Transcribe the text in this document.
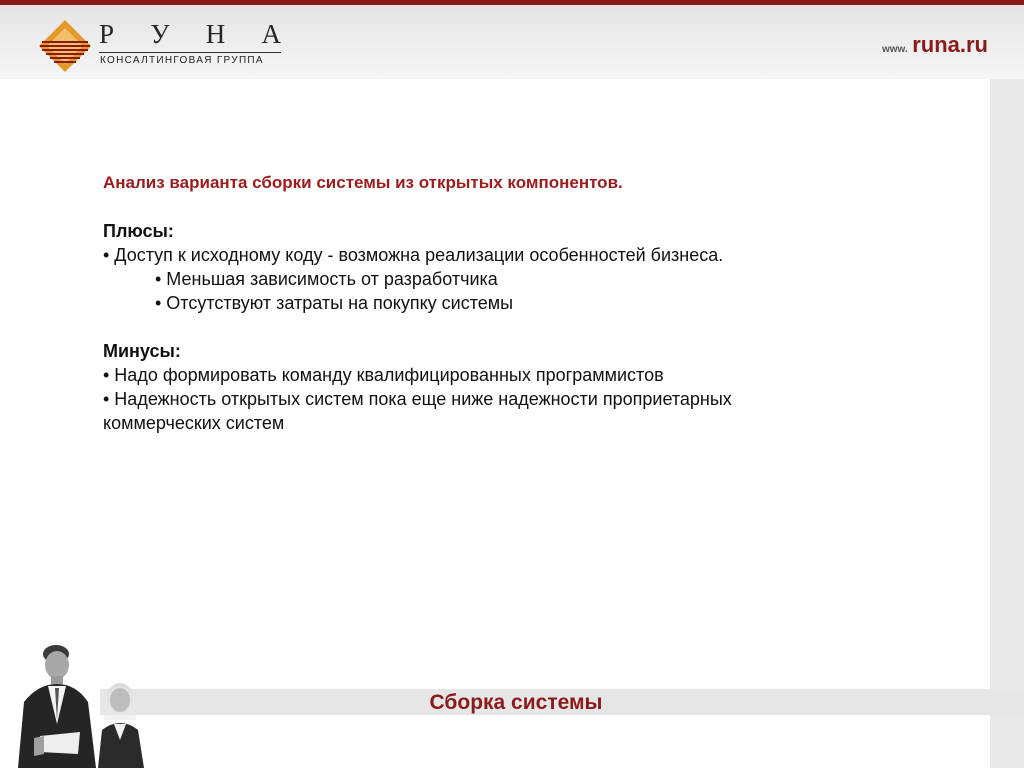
Р У Н А
КОНСАЛТИНГОВАЯ ГРУППА
www. runa.ru
Анализ варианта сборки системы из открытых компонентов.
Плюсы:
• Доступ к исходному коду - возможна реализации особенностей бизнеса.
• Меньшая зависимость от разработчика
• Отсутствуют затраты на покупку системы
Минусы:
• Надо формировать команду квалифицированных программистов
• Надежность открытых систем пока еще ниже надежности проприетарных
коммерческих систем
Сборка системы
